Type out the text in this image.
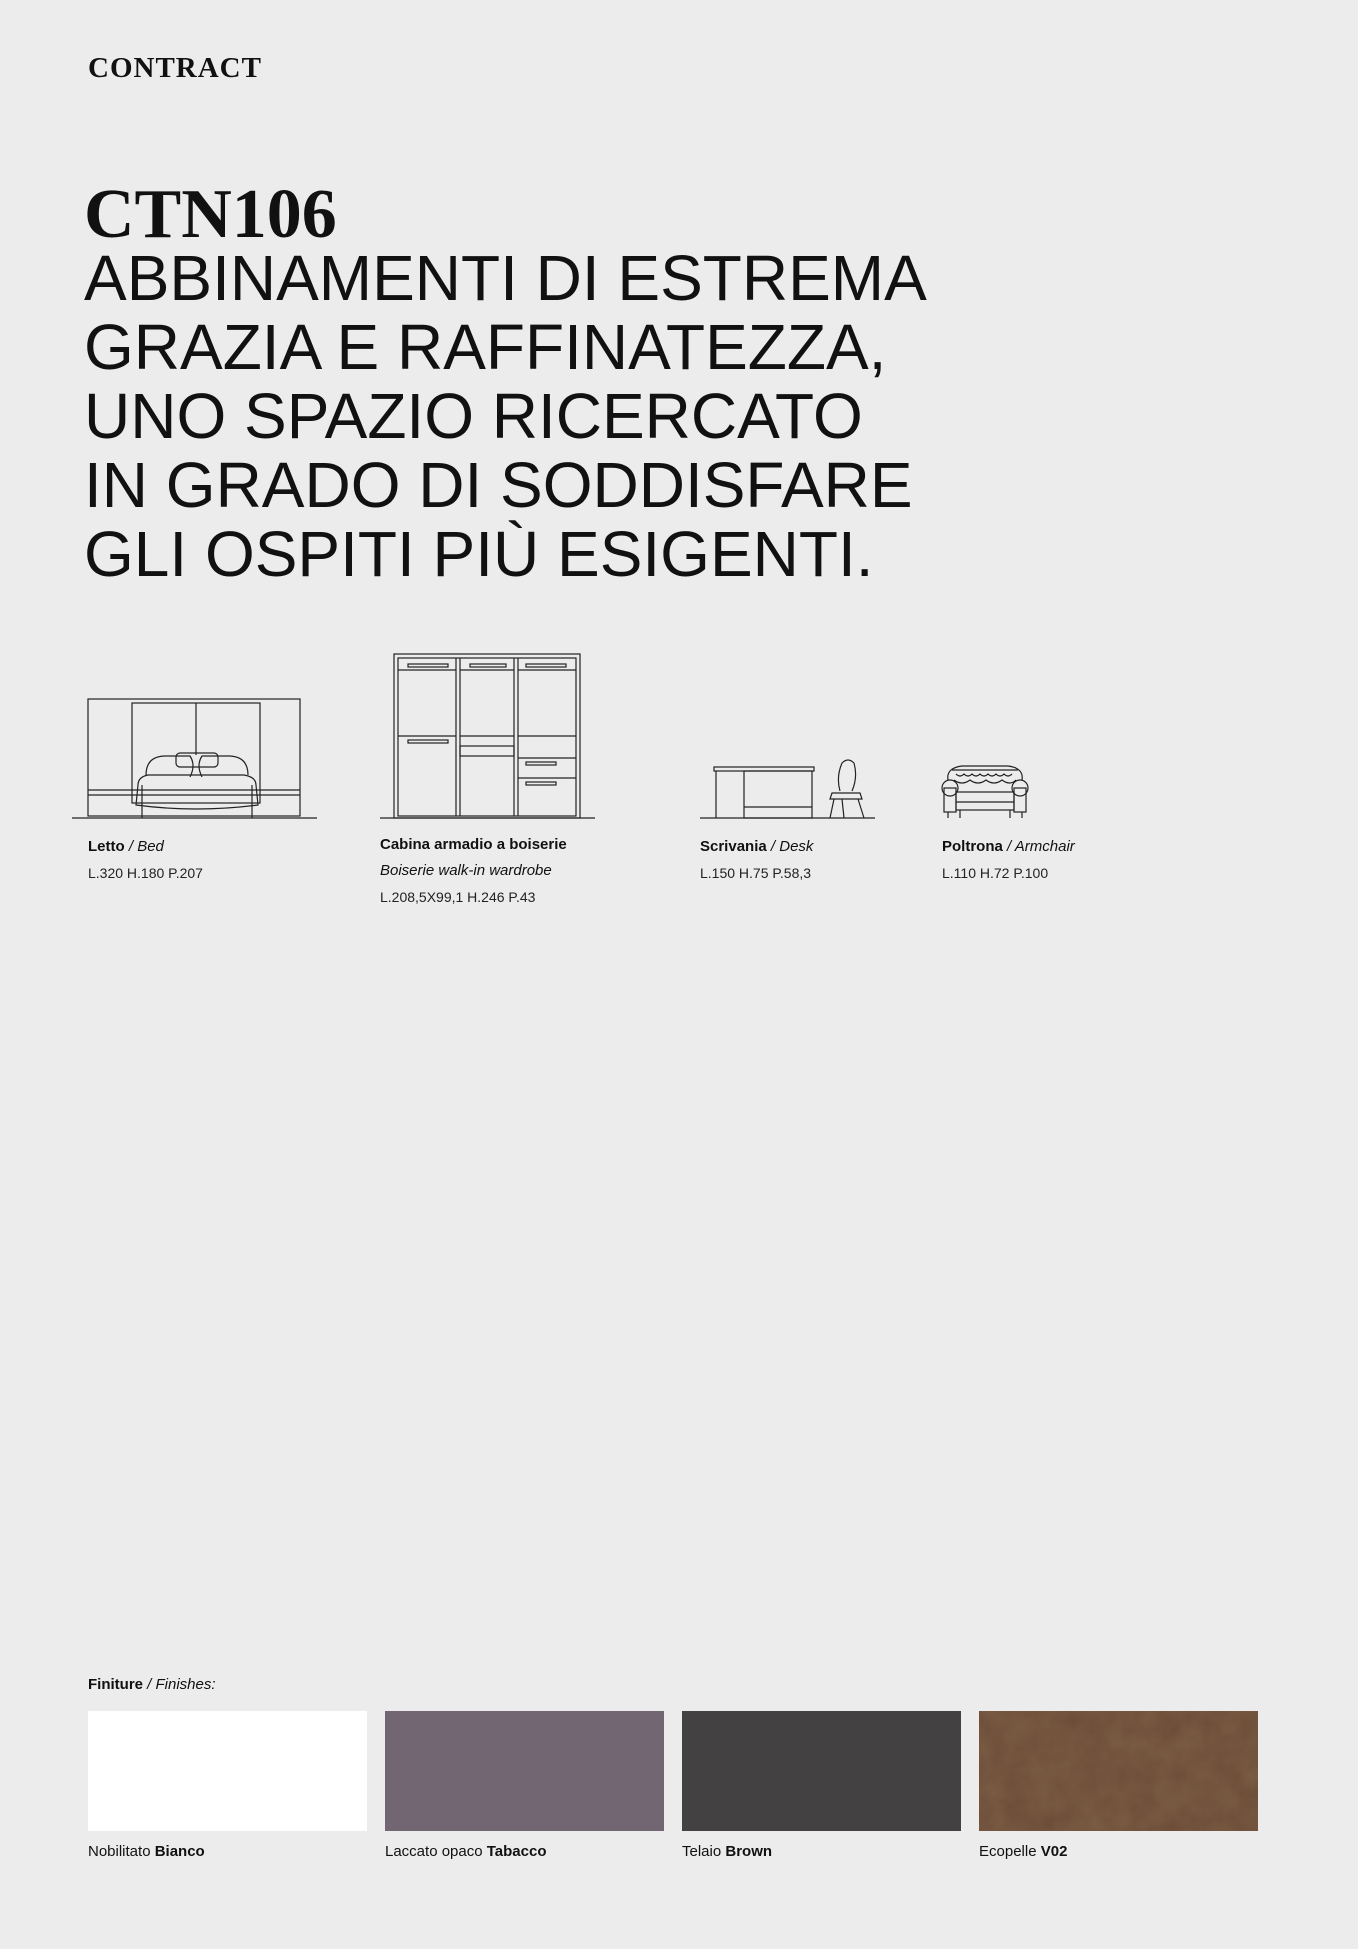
CONTRACT
CTN106
ABBINAMENTI DI ESTREMA
GRAZIA E RAFFINATEZZA,
UNO SPAZIO RICERCATO
IN GRADO DI SODDISFARE
GLI OSPITI PIÙ ESIGENTI.
Letto / Bed
L.320 H.180 P.207
Cabina armadio a boiserie
Boiserie walk-in wardrobe
L.208,5X99,1 H.246 P.43
Scrivania / Desk
L.150 H.75 P.58,3
Poltrona / Armchair
L.110 H.72 P.100
Finiture / Finishes:
Nobilitato Bianco	Laccato opaco Tabacco	Telaio Brown	Ecopelle V02
